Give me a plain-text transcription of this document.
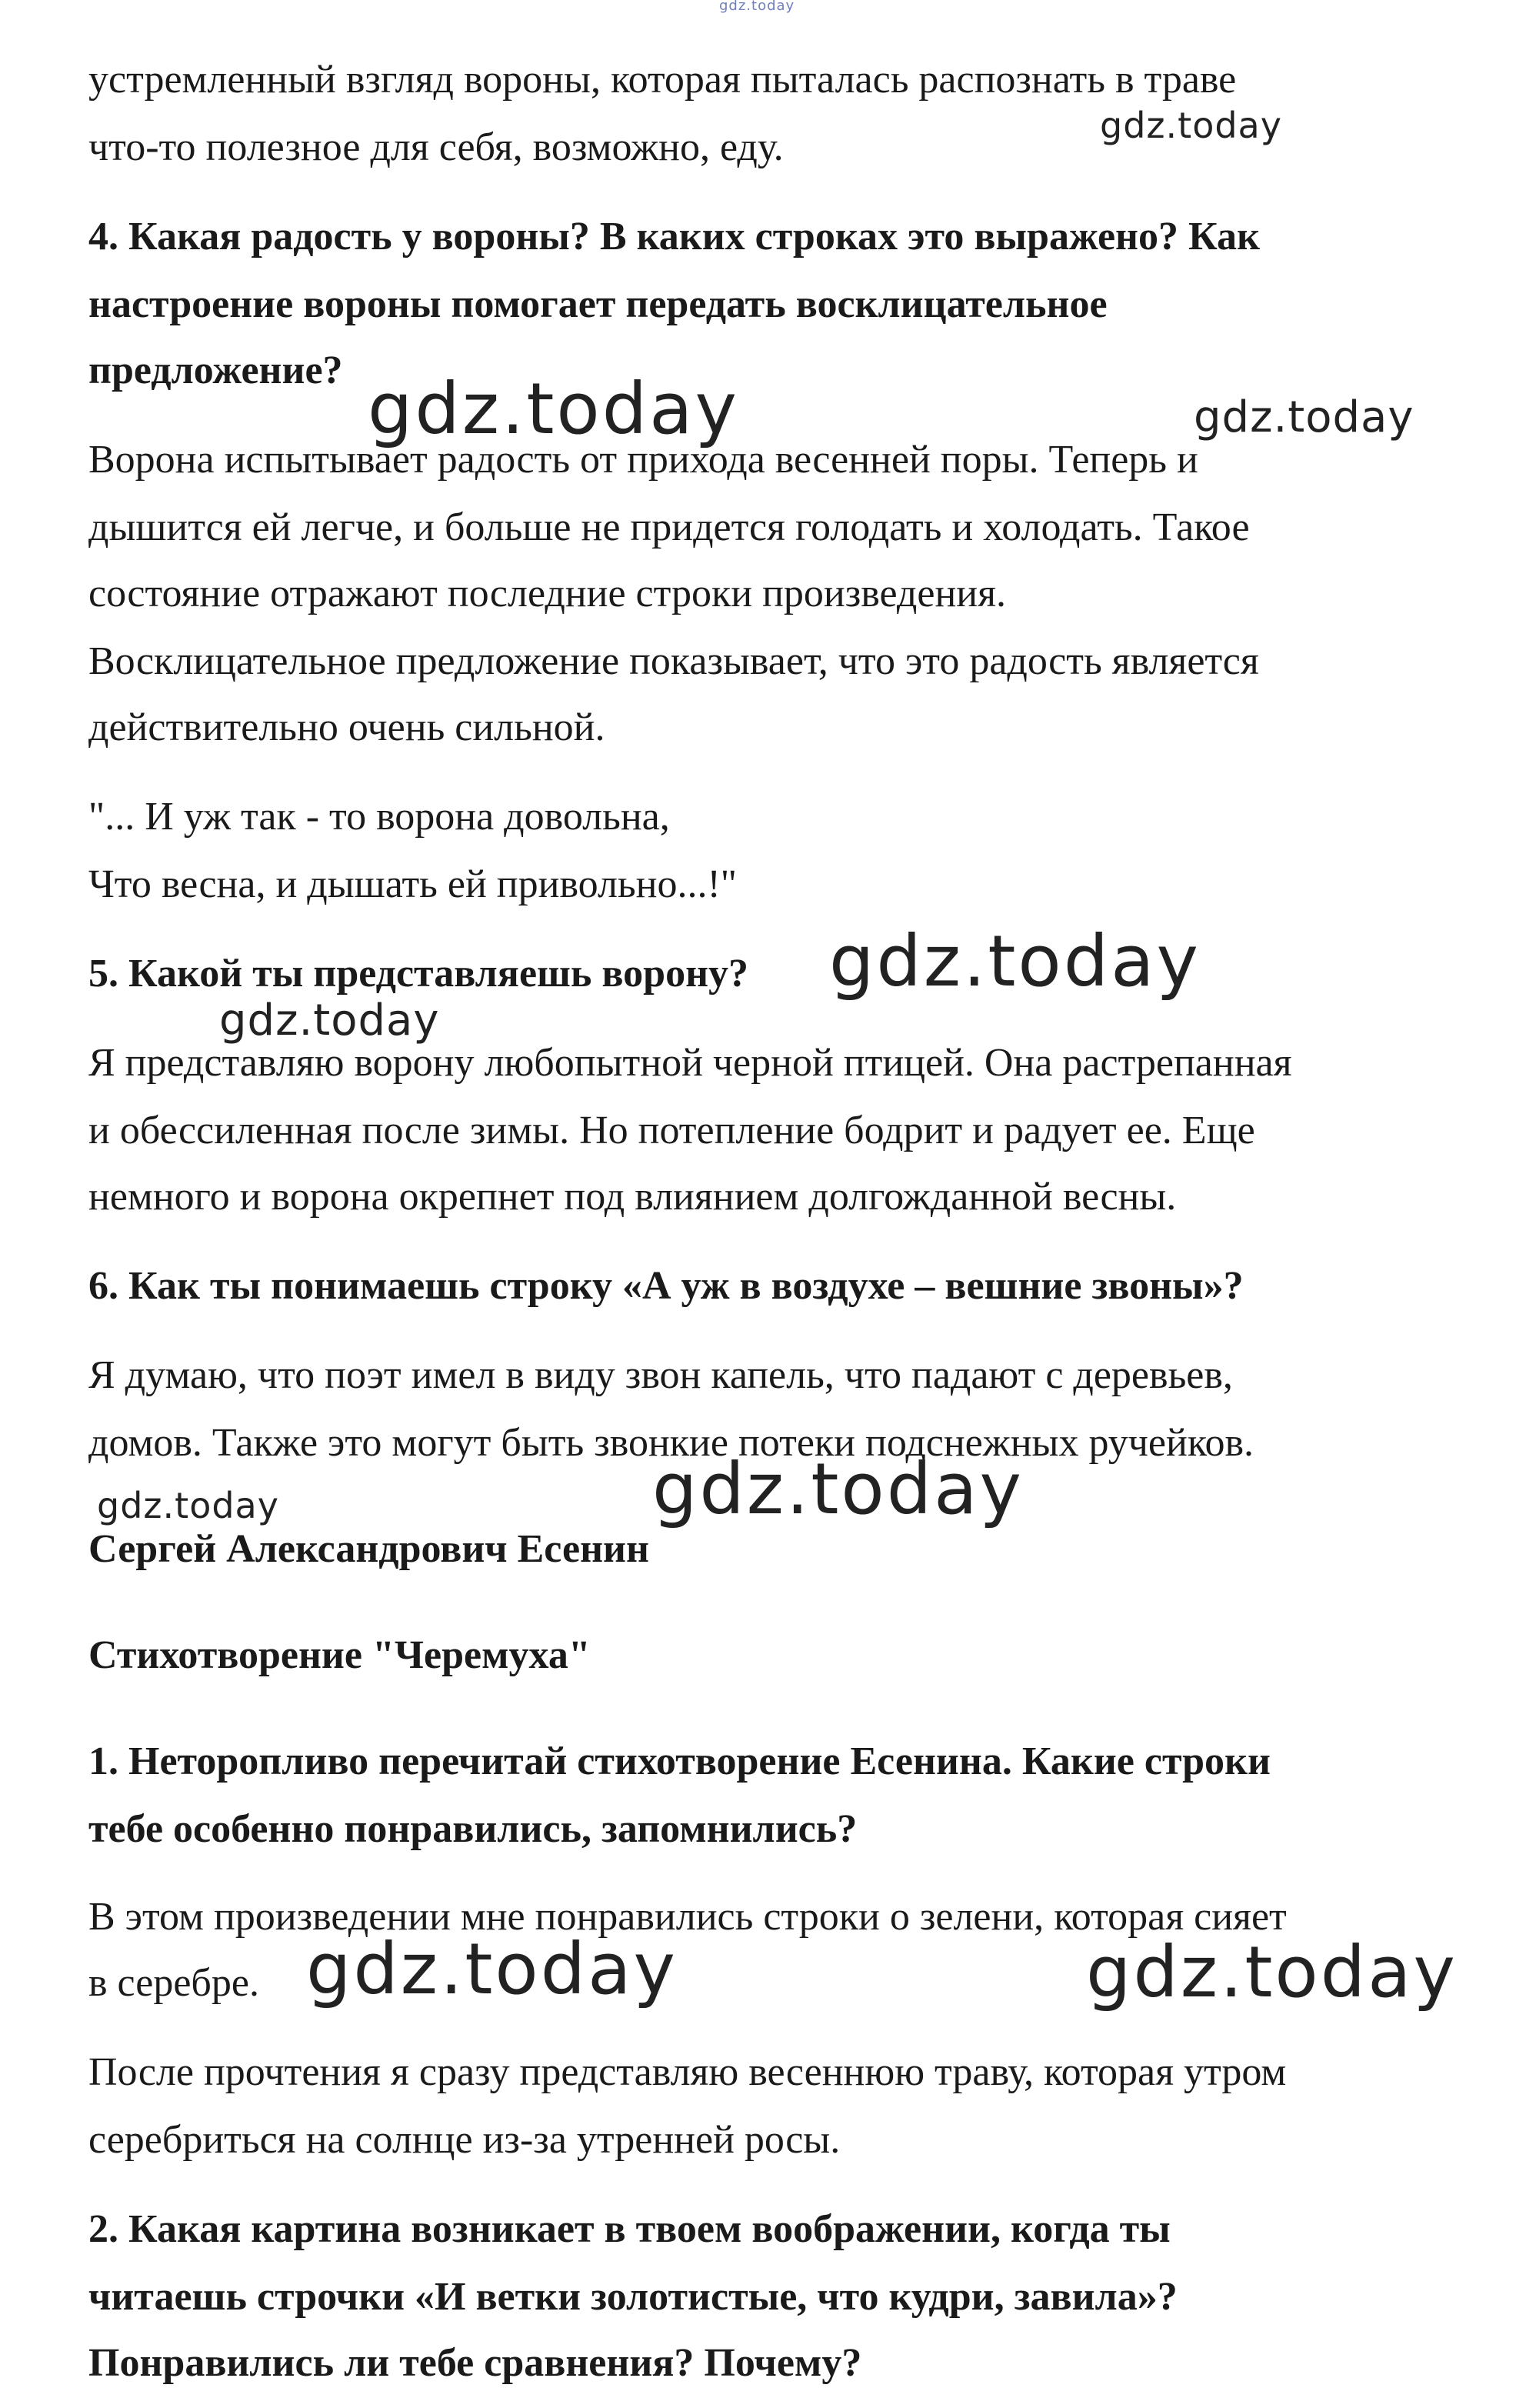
gdz.today

устремленный взгляд вороны, которая пыталась распознать в траве

что-то полезное для себя, возможно, еду.

4. Какая радость у вороны? В каких строках это выражено? Как

настроение вороны помогает передать восклицательное

предложение?

Ворона испытывает радость от прихода весенней поры. Теперь и

дышится ей легче, и больше не придется голодать и холодать. Такое

состояние отражают последние строки произведения.

Восклицательное предложение показывает, что это радость является

действительно очень сильной.

"... И уж так - то ворона довольна,

Что весна, и дышать ей привольно...!"

5. Какой ты представляешь ворону?

Я представляю ворону любопытной черной птицей. Она растрепанная

и обессиленная после зимы. Но потепление бодрит и радует ее. Еще

немного и ворона окрепнет под влиянием долгожданной весны.

6. Как ты понимаешь строку «А уж в воздухе – вешние звоны»?

Я думаю, что поэт имел в виду звон капель, что падают с деревьев,

домов. Также это могут быть звонкие потеки подснежных ручейков.

Сергей Александрович Есенин

Стихотворение "Черемуха"

1. Неторопливо перечитай стихотворение Есенина. Какие строки

тебе особенно понравились, запомнились?

В этом произведении мне понравились строки о зелени, которая сияет

в серебре.

После прочтения я сразу представляю весеннюю траву, которая утром

серебриться на солнце из-за утренней росы.

2. Какая картина возникает в твоем воображении, когда ты

читаешь строчки «И ветки золотистые, что кудри, завила»?

Понравились ли тебе сравнения? Почему?

gdz.today

gdz.today	gdz.today

gdz.today

gdz.today

gdz.today	gdz.today

gdz.today	gdz.today
